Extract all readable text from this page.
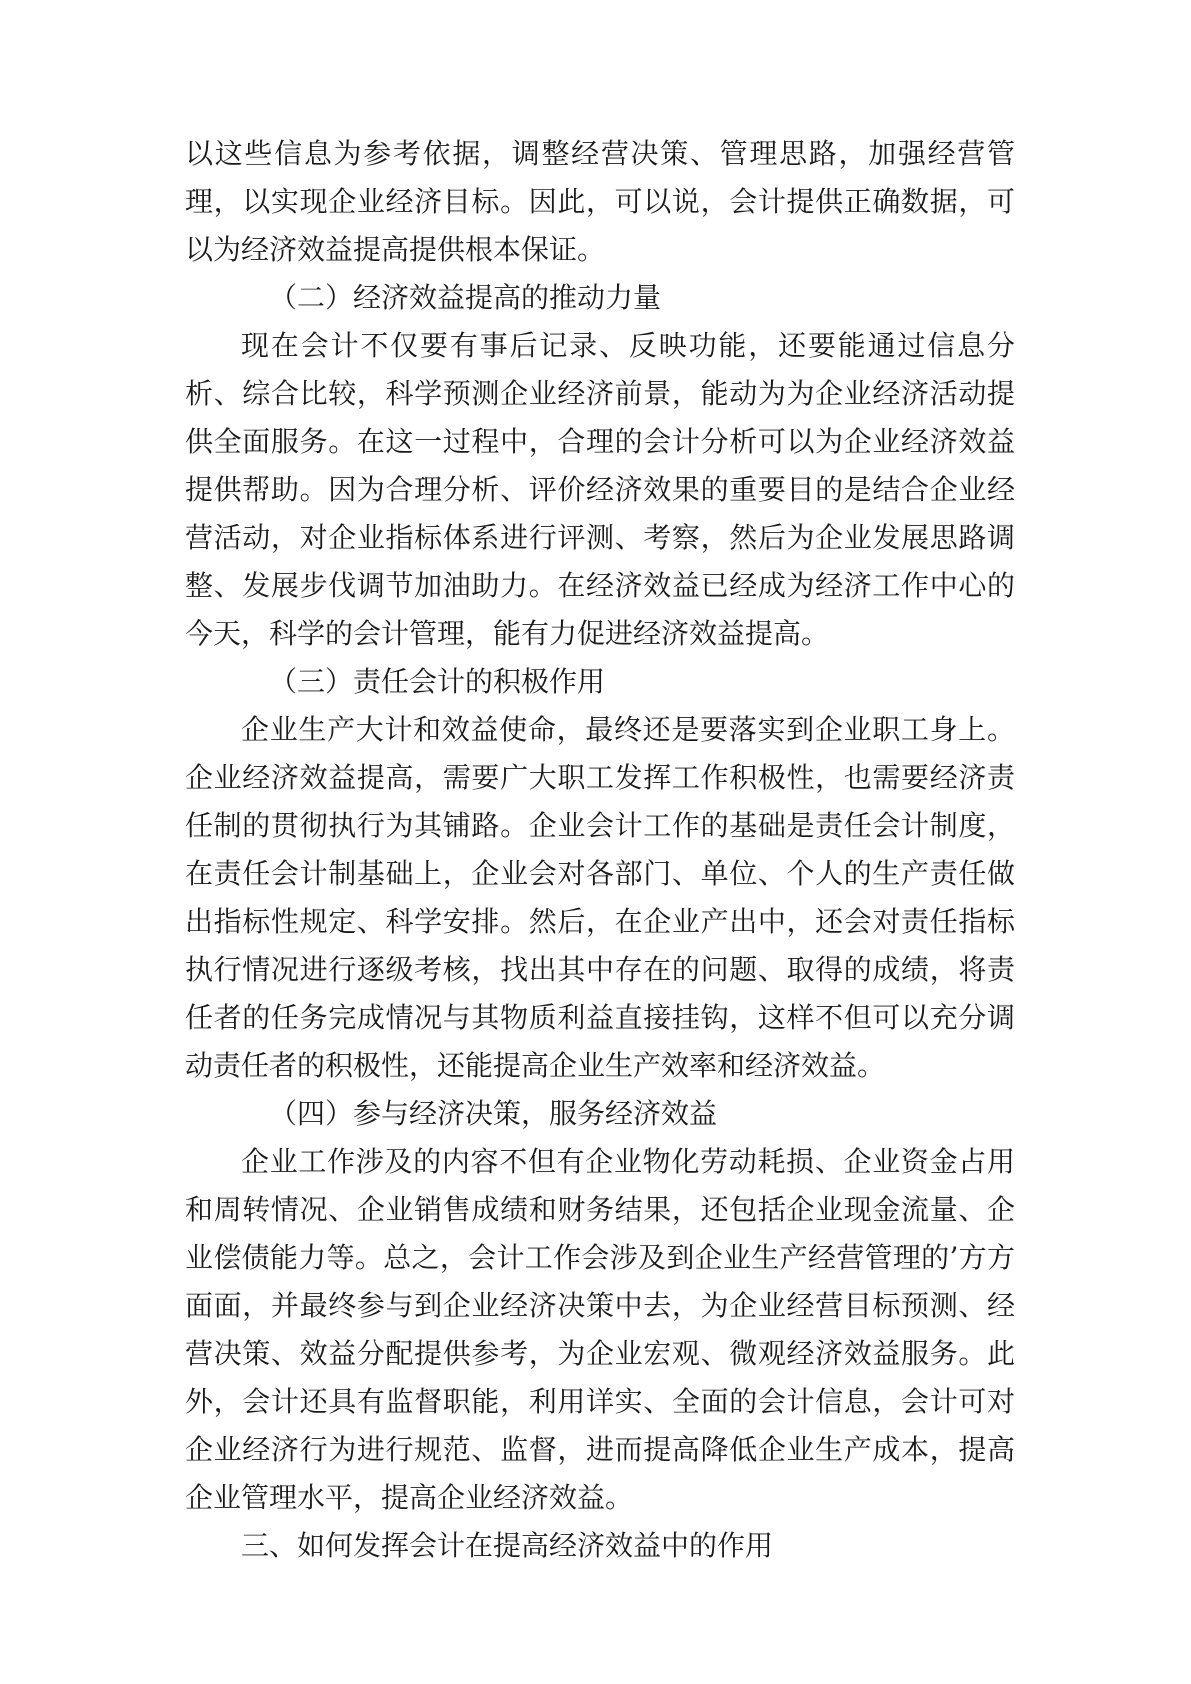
以这些信息为参考依据，调整经营决策、管理思路，加强经营管理，以实现企业经济目标。因此，可以说，会计提供正确数据，可以为经济效益提高提供根本保证。

（二）经济效益提高的推动力量

现在会计不仅要有事后记录、反映功能，还要能通过信息分析、综合比较，科学预测企业经济前景，能动为为企业经济活动提供全面服务。在这一过程中，合理的会计分析可以为企业经济效益提供帮助。因为合理分析、评价经济效果的重要目的是结合企业经营活动，对企业指标体系进行评测、考察，然后为企业发展思路调整、发展步伐调节加油助力。在经济效益已经成为经济工作中心的今天，科学的会计管理，能有力促进经济效益提高。

（三）责任会计的积极作用

企业生产大计和效益使命，最终还是要落实到企业职工身上。企业经济效益提高，需要广大职工发挥工作积极性，也需要经济责任制的贯彻执行为其铺路。企业会计工作的基础是责任会计制度，在责任会计制基础上，企业会对各部门、单位、个人的生产责任做出指标性规定、科学安排。然后，在企业产出中，还会对责任指标执行情况进行逐级考核，找出其中存在的问题、取得的成绩，将责任者的任务完成情况与其物质利益直接挂钩，这样不但可以充分调动责任者的积极性，还能提高企业生产效率和经济效益。

（四）参与经济决策，服务经济效益

企业工作涉及的内容不但有企业物化劳动耗损、企业资金占用和周转情况、企业销售成绩和财务结果，还包括企业现金流量、企业偿债能力等。总之，会计工作会涉及到企业生产经营管理的’方方面面，并最终参与到企业经济决策中去，为企业经营目标预测、经营决策、效益分配提供参考，为企业宏观、微观经济效益服务。此外，会计还具有监督职能，利用详实、全面的会计信息，会计可对企业经济行为进行规范、监督，进而提高降低企业生产成本，提高企业管理水平，提高企业经济效益。

三、如何发挥会计在提高经济效益中的作用
